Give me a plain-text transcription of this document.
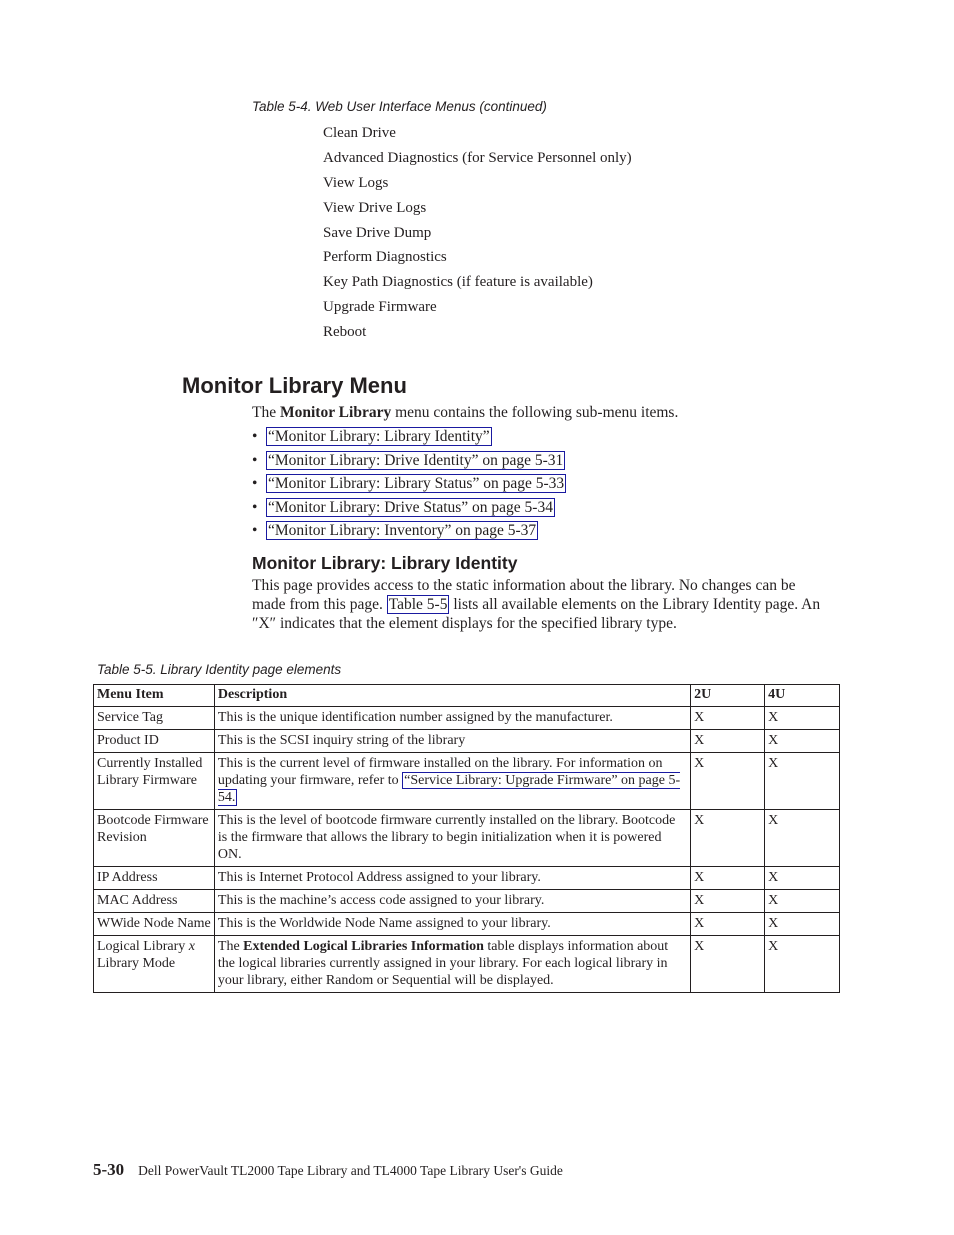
Table 5-4. Web User Interface Menus (continued)
Clean Drive
Advanced Diagnostics (for Service Personnel only)
View Logs
View Drive Logs
Save Drive Dump
Perform Diagnostics
Key Path Diagnostics (if feature is available)
Upgrade Firmware
Reboot
Monitor Library Menu

The Monitor Library menu contains the following sub-menu items.

• “Monitor Library: Library Identity”
• “Monitor Library: Drive Identity” on page 5-31
• “Monitor Library: Library Status” on page 5-33
• “Monitor Library: Drive Status” on page 5-34
• “Monitor Library: Inventory” on page 5-37
Monitor Library: Library Identity

This page provides access to the static information about the library. No changes can be made from this page. Table 5-5 lists all available elements on the Library Identity page. An ″X″ indicates that the element displays for the specified library type.

Table 5-5. Library Identity page elements
Menu Item	Description	2U	4U
Service Tag	This is the unique identification number assigned by the manufacturer.	X	X
Product ID	This is the SCSI inquiry string of the library	X	X
Currently Installed Library Firmware	This is the current level of firmware installed on the library. For information on updating your firmware, refer to “Service Library: Upgrade Firmware” on page 5-54.	X	X
Bootcode Firmware Revision	This is the level of bootcode firmware currently installed on the library. Bootcode is the firmware that allows the library to begin initialization when it is powered ON.	X	X
IP Address	This is Internet Protocol Address assigned to your library.	X	X
MAC Address	This is the machine’s access code assigned to your library.	X	X
WWide Node Name	This is the Worldwide Node Name assigned to your library.	X	X
Logical Library x Library Mode	The Extended Logical Libraries Information table displays information about the logical libraries currently assigned in your library. For each logical library in your library, either Random or Sequential will be displayed.	X	X
5-30 Dell PowerVault TL2000 Tape Library and TL4000 Tape Library User's Guide
